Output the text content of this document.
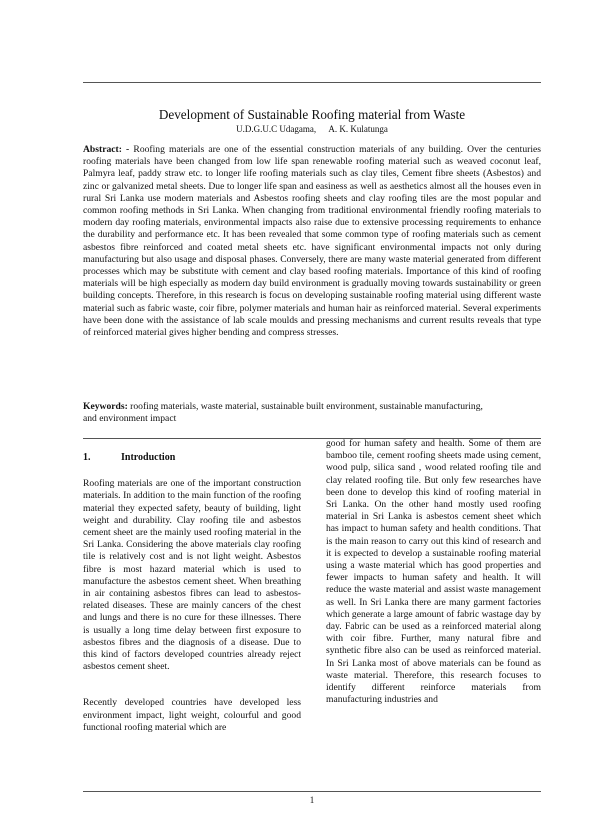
Development of Sustainable Roofing material from Waste
U.D.G.U.C Udagama, A. K. Kulatunga

Abstract: - Roofing materials are one of the essential construction materials of any building. Over the centuries roofing materials have been changed from low life span renewable roofing material such as weaved coconut leaf, Palmyra leaf, paddy straw etc. to longer life roofing materials such as clay tiles, Cement fibre sheets (Asbestos) and zinc or galvanized metal sheets. Due to longer life span and easiness as well as aesthetics almost all the houses even in rural Sri Lanka use modern materials and Asbestos roofing sheets and clay roofing tiles are the most popular and common roofing methods in Sri Lanka. When changing from traditional environmental friendly roofing materials to modern day roofing materials, environmental impacts also raise due to extensive processing requirements to enhance the durability and performance etc. It has been revealed that some common type of roofing materials such as cement asbestos fibre reinforced and coated metal sheets etc. have significant environmental impacts not only during manufacturing but also usage and disposal phases. Conversely, there are many waste material generated from different processes which may be substitute with cement and clay based roofing materials. Importance of this kind of roofing materials will be high especially as modern day build environment is gradually moving towards sustainability or green building concepts. Therefore, in this research is focus on developing sustainable roofing material using different waste material such as fabric waste, coir fibre, polymer materials and human hair as reinforced material. Several experiments have been done with the assistance of lab scale moulds and pressing mechanisms and current results reveals that type of reinforced material gives higher bending and compress stresses.

Keywords: roofing materials, waste material, sustainable built environment, sustainable manufacturing, and environment impact

1.	Introduction

Roofing materials are one of the important construction materials. In addition to the main function of the roofing material they expected safety, beauty of building, light weight and durability. Clay roofing tile and asbestos cement sheet are the mainly used roofing material in the Sri Lanka. Considering the above materials clay roofing tile is relatively cost and is not light weight. Asbestos fibre is most hazard material which is used to manufacture the asbestos cement sheet. When breathing in air containing asbestos fibres can lead to asbestos-related diseases. These are mainly cancers of the chest and lungs and there is no cure for these illnesses. There is usually a long time delay between first exposure to asbestos fibres and the diagnosis of a disease. Due to this kind of factors developed countries already reject asbestos cement sheet.

Recently developed countries have developed less environment impact, light weight, colourful and good functional roofing material which are

good for human safety and health. Some of them are bamboo tile, cement roofing sheets made using cement, wood pulp, silica sand , wood related roofing tile and clay related roofing tile. But only few researches have been done to develop this kind of roofing material in Sri Lanka. On the other hand mostly used roofing material in Sri Lanka is asbestos cement sheet which has impact to human safety and health conditions. That is the main reason to carry out this kind of research and it is expected to develop a sustainable roofing material using a waste material which has good properties and fewer impacts to human safety and health. It will reduce the waste material and assist waste management as well. In Sri Lanka there are many garment factories which generate a large amount of fabric wastage day by day. Fabric can be used as a reinforced material along with coir fibre. Further, many natural fibre and synthetic fibre also can be used as reinforced material. In Sri Lanka most of above materials can be found as waste material. Therefore, this research focuses to identify different reinforce materials from manufacturing industries and

1
